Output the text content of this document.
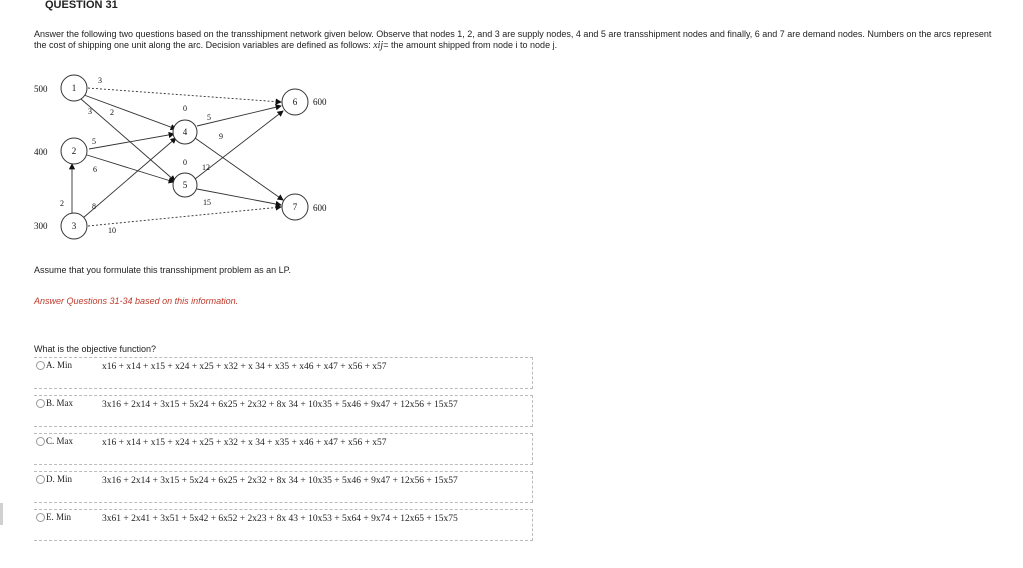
QUESTION 31
Answer the following two questions based on the transshipment network given below. Observe that nodes 1, 2, and 3 are supply nodes, 4 and 5 are transshipment nodes and finally, 6 and 7 are demand nodes. Numbers on the arcs represent the cost of shipping one unit along the arc. Decision variables are defined as follows: xij= the amount shipped from node i to node j.
1
2
3
4
5
6
7
500
400
300
600
600
0
0
3
3 2
5
6
2	8
10
5
9
12
15
Assume that you formulate this transshipment problem as an LP.
Answer Questions 31-34 based on this information.
What is the objective function?
A. Min	x16 + x14 + x15 + x24 + x25 + x32 + x 34 + x35 + x46 + x47 + x56 + x57
B. Max	3x16 + 2x14 + 3x15 + 5x24 + 6x25 + 2x32 + 8x 34 + 10x35 + 5x46 + 9x47 + 12x56 + 15x57
C. Max	x16 + x14 + x15 + x24 + x25 + x32 + x 34 + x35 + x46 + x47 + x56 + x57
D. Min	3x16 + 2x14 + 3x15 + 5x24 + 6x25 + 2x32 + 8x 34 + 10x35 + 5x46 + 9x47 + 12x56 + 15x57
E. Min	3x61 + 2x41 + 3x51 + 5x42 + 6x52 + 2x23 + 8x 43 + 10x53 + 5x64 + 9x74 + 12x65 + 15x75
